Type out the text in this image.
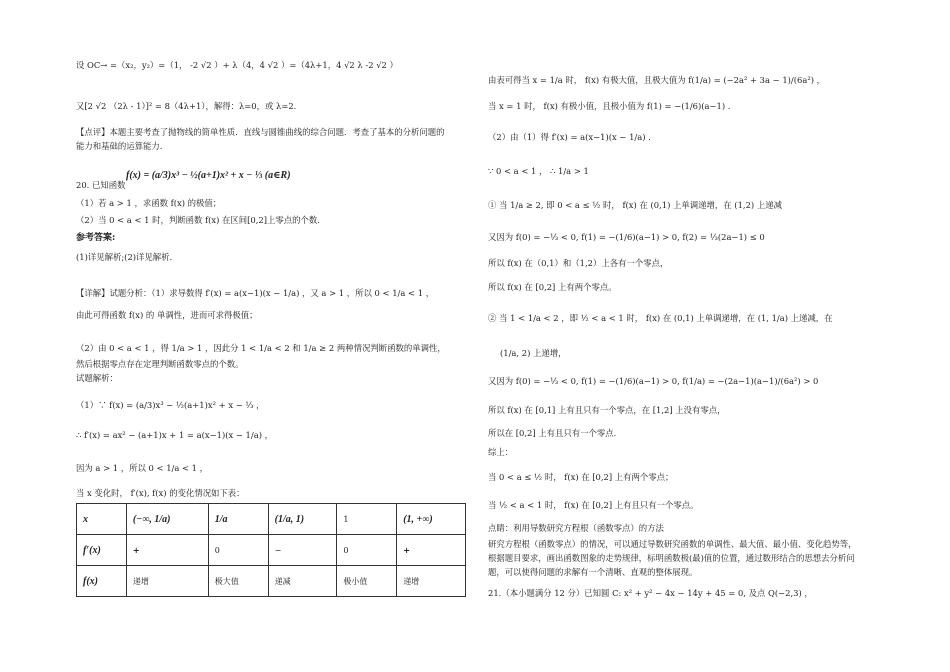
设 OC→ =（x₂，y₂）=（1， -2 √2 ）+ λ（4，4 √2 ）=（4λ+1，4 √2 λ -2 √2 ）
又[2 √2 （2λ - 1）]² = 8（4λ+1），解得：λ=0，或 λ=2.
【点评】本题主要考查了抛物线的简单性质．直线与圆锥曲线的综合问题．考查了基本的分析问题的
能力和基础的运算能力.
20. 已知函数
f(x) = (a/3)x³ − ½(a+1)x² + x − ⅓ (a∈R)
（1）若 a > 1 ，求函数 f(x) 的极值；
（2）当 0 < a < 1 时，判断函数 f(x) 在区间[0,2]上零点的个数.
参考答案:
(1)详见解析;(2)详见解析.
【详解】试题分析：（1）求导数得 f′(x) = a(x−1)(x − 1/a) ，又 a > 1 ，所以 0 < 1/a < 1 ，
由此可得函数 f(x) 的 单调性，进而可求得极值；
（2）由 0 < a < 1 ，得 1/a > 1 ，因此分 1 < 1/a < 2 和 1/a ≥ 2 两种情况判断函数的单调性，
然后根据零点存在定理判断函数零点的个数。
试题解析：
（1）∵ f(x) = (a/3)x³ − ½(a+1)x² + x − ⅓ ，
∴ f′(x) = ax² − (a+1)x + 1 = a(x−1)(x − 1/a) ，
因为 a > 1 ，所以 0 < 1/a < 1 ，
当 x 变化时， f′(x), f(x) 的变化情况如下表：
x	(−∞, 1/a)	1/a	(1/a, 1)	1	(1, +∞)
f′(x)	+	0	−	0	+
f(x)	递增	极大值	递减	极小值	递增
由表可得当 x = 1/a 时， f(x) 有极大值，且极大值为 f(1/a) = (−2a² + 3a − 1)/(6a²) ，
当 x = 1 时， f(x) 有极小值，且极小值为 f(1) = −(1/6)(a−1) .
（2）由（1）得 f′(x) = a(x−1)(x − 1/a) .
∵ 0 < a < 1 ， ∴ 1/a > 1
① 当 1/a ≥ 2, 即 0 < a ≤ ½ 时， f(x) 在 (0,1) 上单调递增，在 (1,2) 上递减
又因为 f(0) = −⅓ < 0, f(1) = −(1/6)(a−1) > 0, f(2) = ⅓(2a−1) ≤ 0
所以 f(x) 在（0,1）和（1,2）上各有一个零点，
所以 f(x) 在 [0,2] 上有两个零点。
② 当 1 < 1/a < 2 ，即 ½ < a < 1 时， f(x) 在 (0,1) 上单调递增，在 (1, 1/a) 上递减，在
(1/a, 2) 上递增，
又因为 f(0) = −⅓ < 0, f(1) = −(1/6)(a−1) > 0, f(1/a) = −(2a−1)(a−1)/(6a²) > 0
所以 f(x) 在 [0,1] 上有且只有一个零点，在 [1,2] 上没有零点，
所以在 [0,2] 上有且只有一个零点.
综上：
当 0 < a ≤ ½ 时， f(x) 在 [0,2] 上有两个零点；
当 ½ < a < 1 时， f(x) 在 [0,2] 上有且只有一个零点。
点睛：利用导数研究方程根（函数零点）的方法
研究方程根（函数零点）的情况，可以通过导数研究函数的单调性、最大值、最小值、变化趋势等，
根据题目要求，画出函数图象的走势规律，标明函数极(最)值的位置，通过数形结合的思想去分析问
题，可以使得问题的求解有一个清晰、直观的整体展现。
21.（本小题满分 12 分）已知圆 C: x² + y² − 4x − 14y + 45 = 0, 及点 Q(−2,3) ，
